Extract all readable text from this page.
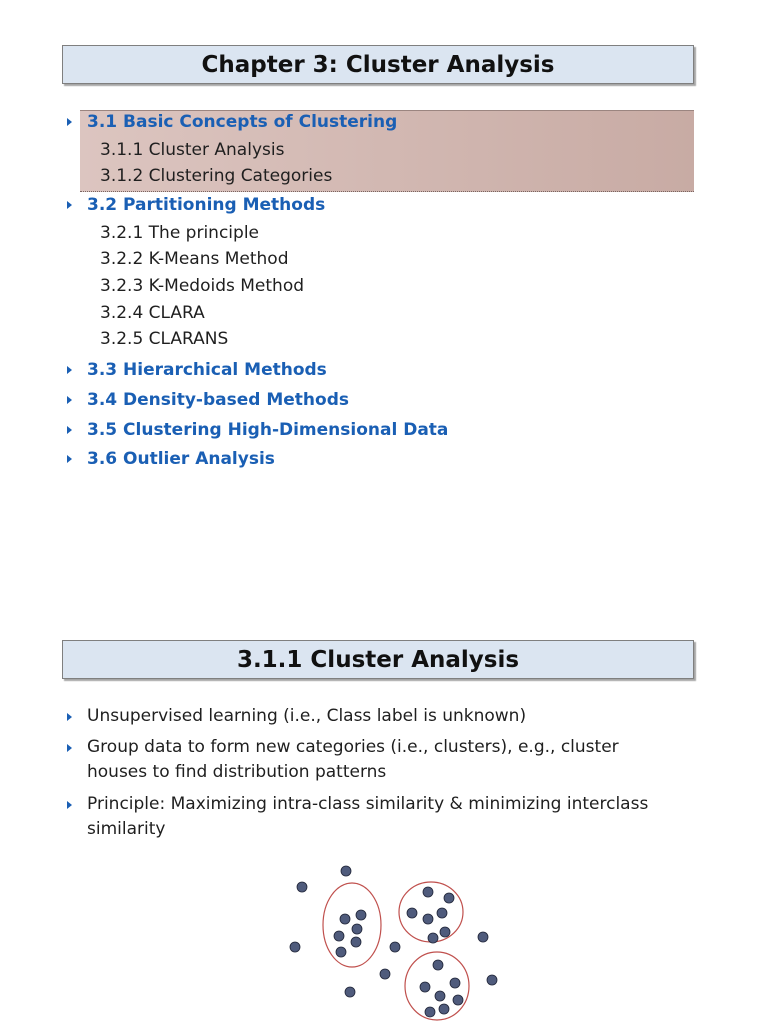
Chapter 3: Cluster Analysis
3.1 Basic Concepts of Clustering
3.1.1 Cluster Analysis
3.1.2 Clustering Categories
3.2 Partitioning Methods
3.2.1 The principle
3.2.2 K-Means Method
3.2.3 K-Medoids Method
3.2.4 CLARA
3.2.5 CLARANS
3.3 Hierarchical Methods
3.4 Density-based Methods
3.5 Clustering High-Dimensional Data
3.6 Outlier Analysis
3.1.1 Cluster Analysis
Unsupervised learning (i.e., Class label is unknown)
Group data to form new categories (i.e., clusters), e.g., cluster
houses to find distribution patterns
Principle: Maximizing intra-class similarity & minimizing interclass
similarity
